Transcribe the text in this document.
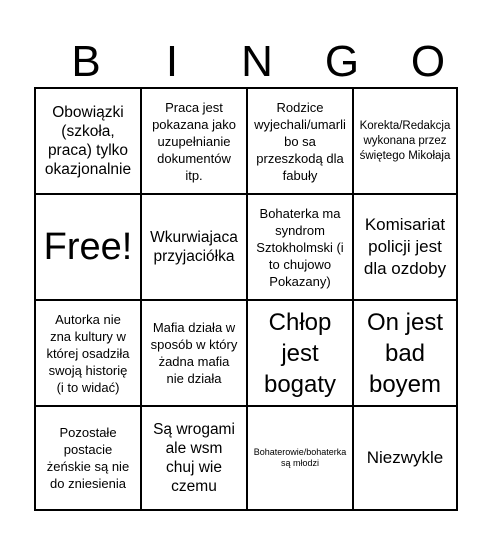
B	I	N	G	O
Obowiązki (szkoła, praca) tylko okazjonalnie
Praca jest pokazana jako uzupełnianie dokumentów itp.
Rodzice wyjechali/umarli bo sa przeszkodą dla fabuły
Korekta/Redakcja wykonana przez świętego Mikołaja
Free! Wkurwiajaca przyjaciółka
Bohaterka ma syndrom Sztokholmski (i to chujowo Pokazany)
Komisariat policji jest dla ozdoby
Autorka nie zna kultury w której osadziła swoją historię (i to widać)
Mafia działa w sposób w który żadna mafia nie działa
Chłop jest bogaty
On jest bad boyem
Pozostałe postacie żeńskie są nie do zniesienia
Są wrogami ale wsm chuj wie czemu
Bohaterowie/bohaterka są młodzi	Niezwykle
